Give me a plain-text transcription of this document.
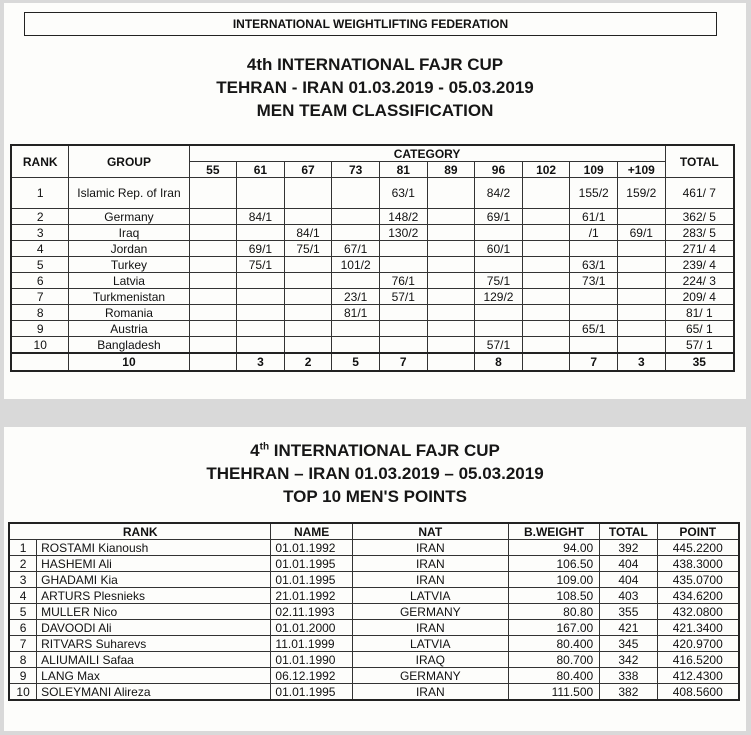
INTERNATIONAL WEIGHTLIFTING FEDERATION
4th INTERNATIONAL FAJR CUP
TEHRAN - IRAN 01.03.2019 - 05.03.2019
MEN TEAM CLASSIFICATION
RANK	GROUP	CATEGORY										TOTAL
		55	61	67	73	81	89	96	102	109	+109	
1	Islamic Rep. of Iran					63/1		84/2		155/2	159/2	461/ 7
2	Germany		84/1			148/2		69/1		61/1		362/ 5
3	Iraq			84/1		130/2				/1	69/1	283/ 5
4	Jordan		69/1	75/1	67/1			60/1				271/ 4
5	Turkey		75/1		101/2					63/1		239/ 4
6	Latvia					76/1		75/1		73/1		224/ 3
7	Turkmenistan				23/1	57/1		129/2				209/ 4
8	Romania				81/1							81/ 1
9	Austria									65/1		65/ 1
10	Bangladesh							57/1				57/ 1
	10		3	2	5	7		8		7	3	35
4th INTERNATIONAL FAJR CUP
THEHRAN – IRAN 01.03.2019 – 05.03.2019
TOP 10 MEN'S POINTS
RANK		NAME	NAT	B.WEIGHT	TOTAL	POINT
1	ROSTAMI Kianoush	01.01.1992	IRAN	94.00	392	445.2200
2	HASHEMI Ali	01.01.1995	IRAN	106.50	404	438.3000
3	GHADAMI Kia	01.01.1995	IRAN	109.00	404	435.0700
4	ARTURS Plesnieks	21.01.1992	LATVIA	108.50	403	434.6200
5	MULLER Nico	02.11.1993	GERMANY	80.80	355	432.0800
6	DAVOODI Ali	01.01.2000	IRAN	167.00	421	421.3400
7	RITVARS Suharevs	11.01.1999	LATVIA	80.400	345	420.9700
8	ALIUMAILI Safaa	01.01.1990	IRAQ	80.700	342	416.5200
9	LANG Max	06.12.1992	GERMANY	80.400	338	412.4300
10	SOLEYMANI Alireza	01.01.1995	IRAN	111.500	382	408.5600
